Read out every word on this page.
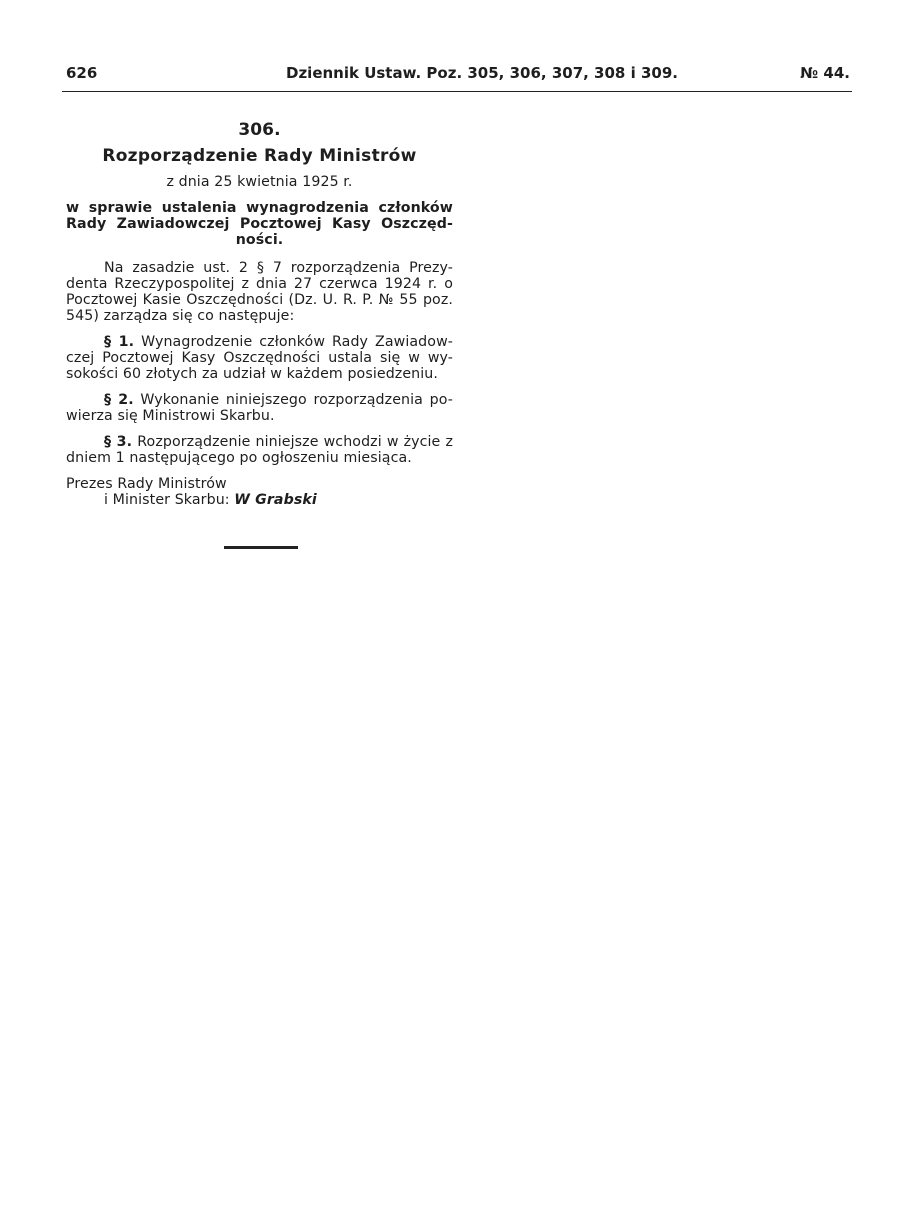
626	Dziennik Ustaw. Poz. 305, 306, 307, 308 i 309.	№ 44.
306.
Rozporządzenie Rady Ministrów
z dnia 25 kwietnia 1925 r.
w sprawie ustalenia wynagrodzenia członków Rady Zawiadowczej Pocztowej Kasy Oszczęd-ności.

Na zasadzie ust. 2 § 7 rozporządzenia Prezy-denta Rzeczypospolitej z dnia 27 czerwca 1924 r. o Pocztowej Kasie Oszczędności (Dz. U. R. P. № 55 poz. 545) zarządza się co następuje:

§ 1. Wynagrodzenie członków Rady Zawiadow-czej Pocztowej Kasy Oszczędności ustala się w wy-sokości 60 złotych za udział w każdem posiedzeniu.

§ 2. Wykonanie niniejszego rozporządzenia po-wierza się Ministrowi Skarbu.

§ 3. Rozporządzenie niniejsze wchodzi w życie z dniem 1 następującego po ogłoszeniu miesiąca.

Prezes Rady Ministrów
i Minister Skarbu: W Grabski
